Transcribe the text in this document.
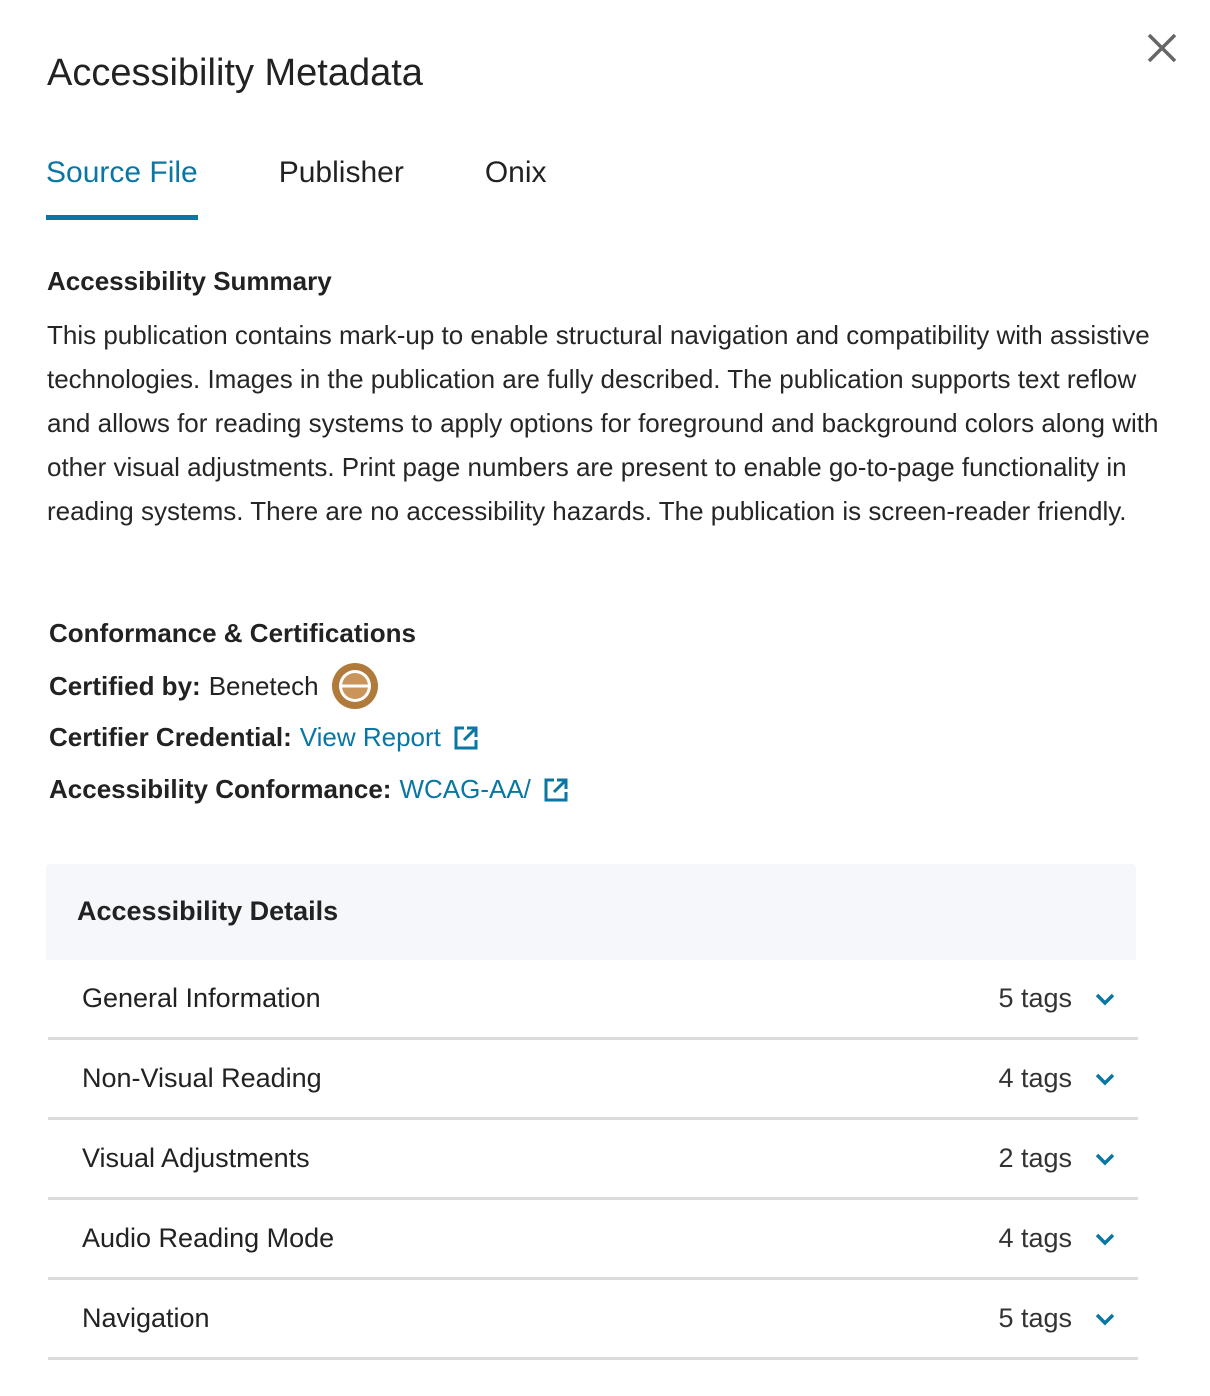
Accessibility Metadata
Source File	Publisher	Onix
Accessibility Summary
This publication contains mark-up to enable structural navigation and compatibility with assistive technologies. Images in the publication are fully described. The publication supports text reflow and allows for reading systems to apply options for foreground and background colors along with other visual adjustments. Print page numbers are present to enable go-to-page functionality in reading systems. There are no accessibility hazards. The publication is screen-reader friendly.
Conformance & Certifications
Certified by: Benetech
Certifier Credential: View Report
Accessibility Conformance: WCAG-AA/
Accessibility Details
General Information	5 tags
Non-Visual Reading	4 tags
Visual Adjustments	2 tags
Audio Reading Mode	4 tags
Navigation	5 tags
